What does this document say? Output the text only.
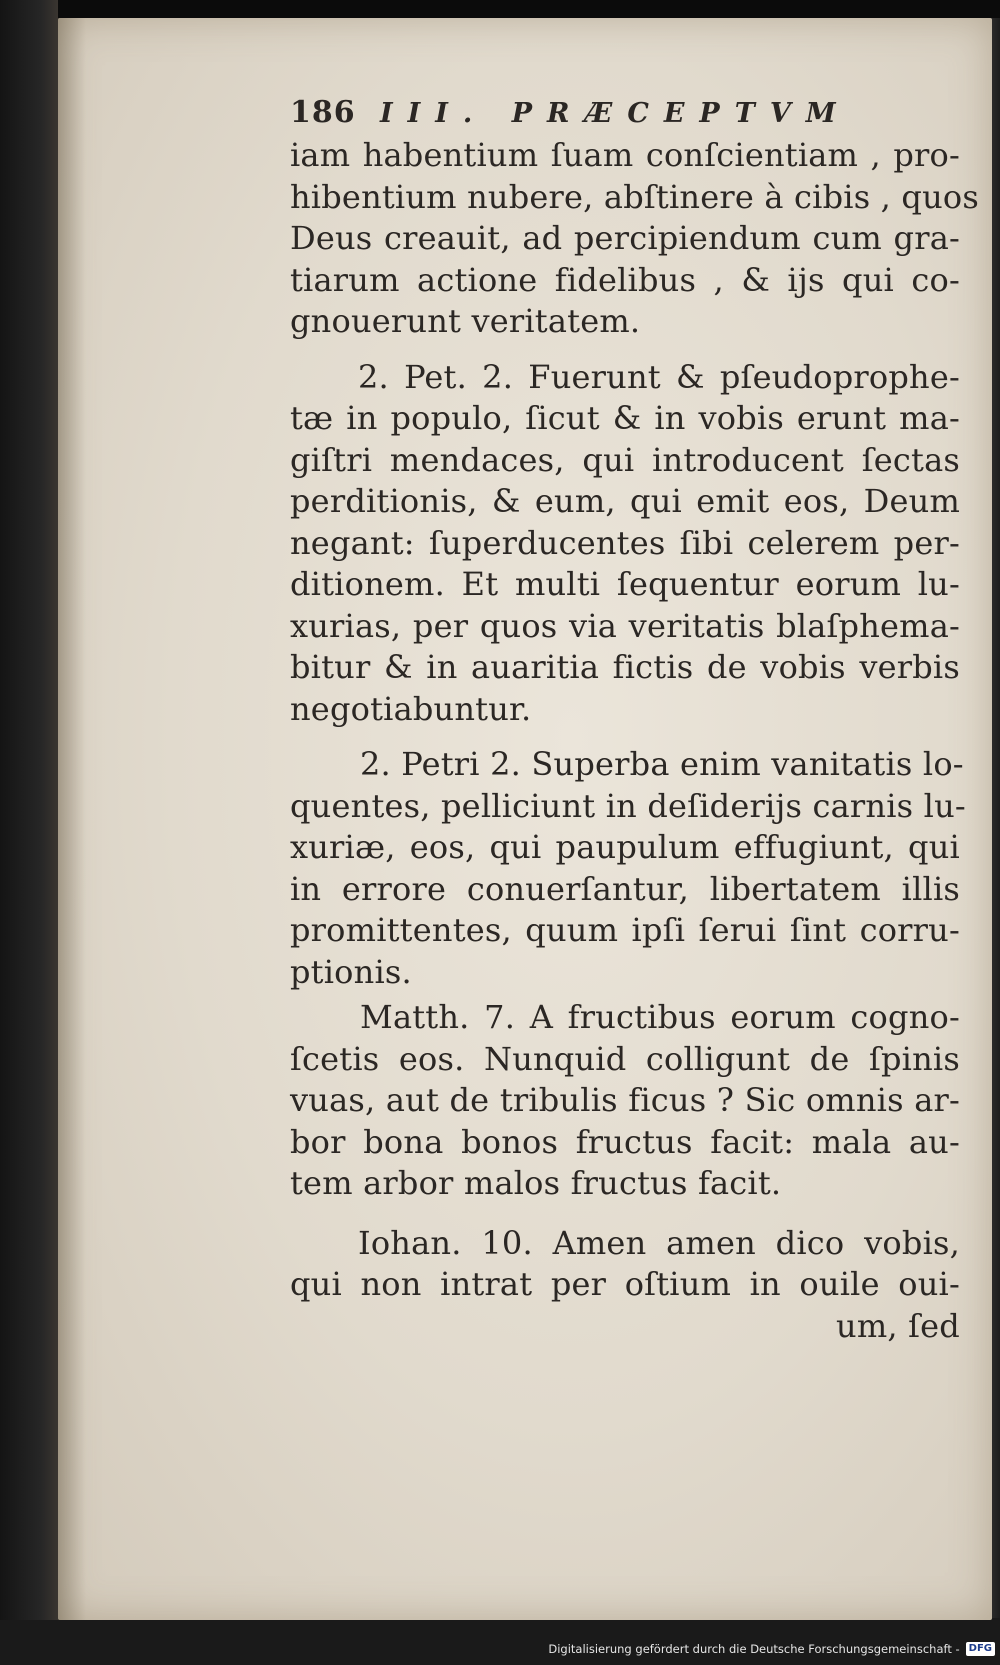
186 III. PRÆCEPTVM
iam habentium ſuam conſcientiam , pro-
hibentium nubere, abſtinere à cibis , quos
Deus creauit, ad percipiendum cum gra-
tiarum actione fidelibus , & ijs qui co-
gnouerunt veritatem.
2. Pet. 2. Fuerunt & pſeudoprophe-
tæ in populo, ſicut & in vobis erunt ma-
giſtri mendaces, qui introducent ſectas
perditionis, & eum, qui emit eos, Deum
negant: ſuperducentes ſibi celerem per-
ditionem. Et multi ſequentur eorum lu-
xurias, per quos via veritatis blaſphema-
bitur & in auaritia fictis de vobis verbis
negotiabuntur.
2. Petri 2. Superba enim vanitatis lo-
quentes, pelliciunt in deſiderijs carnis lu-
xuriæ, eos, qui paupulum effugiunt, qui
in errore conuerſantur, libertatem illis
promittentes, quum ipſi ſerui ſint corru-
ptionis.
Matth. 7. A fructibus eorum cogno-
ſcetis eos. Nunquid colligunt de ſpinis
vuas, aut de tribulis ficus ? Sic omnis ar-
bor bona bonos fructus facit: mala au-
tem arbor malos fructus facit.
Iohan. 10. Amen amen dico vobis,
qui non intrat per oſtium in ouile oui-
um, ſed
Digitalisierung gefördert durch die Deutsche Forschungsgemeinschaft - DFG
